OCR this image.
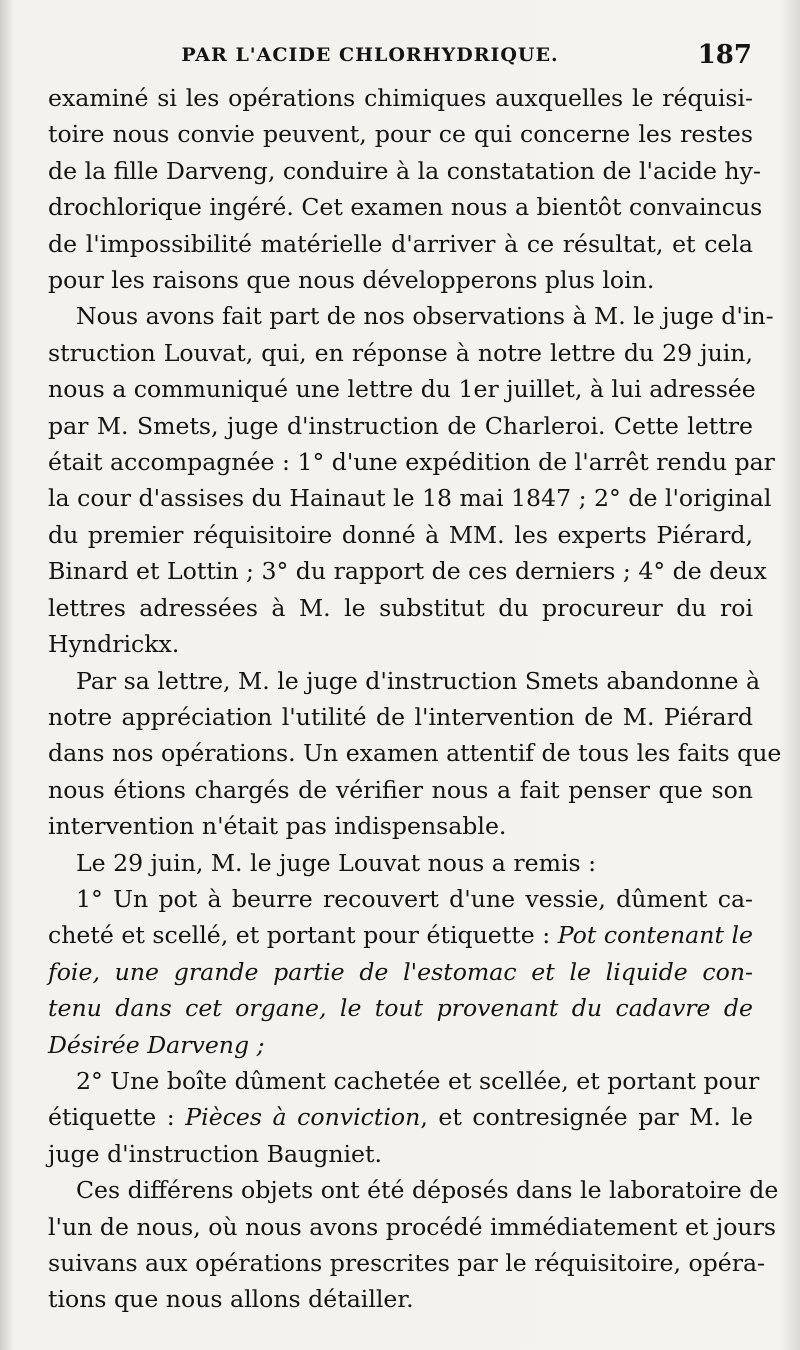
PAR L'ACIDE CHLORHYDRIQUE.	187
examiné si les opérations chimiques auxquelles le réquisi-
toire nous convie peuvent, pour ce qui concerne les restes
de la fille Darveng, conduire à la constatation de l'acide hy-
drochlorique ingéré. Cet examen nous a bientôt convaincus
de l'impossibilité matérielle d'arriver à ce résultat, et cela
pour les raisons que nous développerons plus loin.
Nous avons fait part de nos observations à M. le juge d'in-
struction Louvat, qui, en réponse à notre lettre du 29 juin,
nous a communiqué une lettre du 1er juillet, à lui adressée
par M. Smets, juge d'instruction de Charleroi. Cette lettre
était accompagnée : 1° d'une expédition de l'arrêt rendu par
la cour d'assises du Hainaut le 18 mai 1847 ; 2° de l'original
du premier réquisitoire donné à MM. les experts Piérard,
Binard et Lottin ; 3° du rapport de ces derniers ; 4° de deux
lettres adressées à M. le substitut du procureur du roi
Hyndrickx.
Par sa lettre, M. le juge d'instruction Smets abandonne à
notre appréciation l'utilité de l'intervention de M. Piérard
dans nos opérations. Un examen attentif de tous les faits que
nous étions chargés de vérifier nous a fait penser que son
intervention n'était pas indispensable.
Le 29 juin, M. le juge Louvat nous a remis :
1° Un pot à beurre recouvert d'une vessie, dûment ca-
cheté et scellé, et portant pour étiquette : Pot contenant le
foie, une grande partie de l'estomac et le liquide con-
tenu dans cet organe, le tout provenant du cadavre de
Désirée Darveng ;
2° Une boîte dûment cachetée et scellée, et portant pour
étiquette : Pièces à conviction, et contresignée par M. le
juge d'instruction Baugniet.
Ces différens objets ont été déposés dans le laboratoire de
l'un de nous, où nous avons procédé immédiatement et jours
suivans aux opérations prescrites par le réquisitoire, opéra-
tions que nous allons détailler.
